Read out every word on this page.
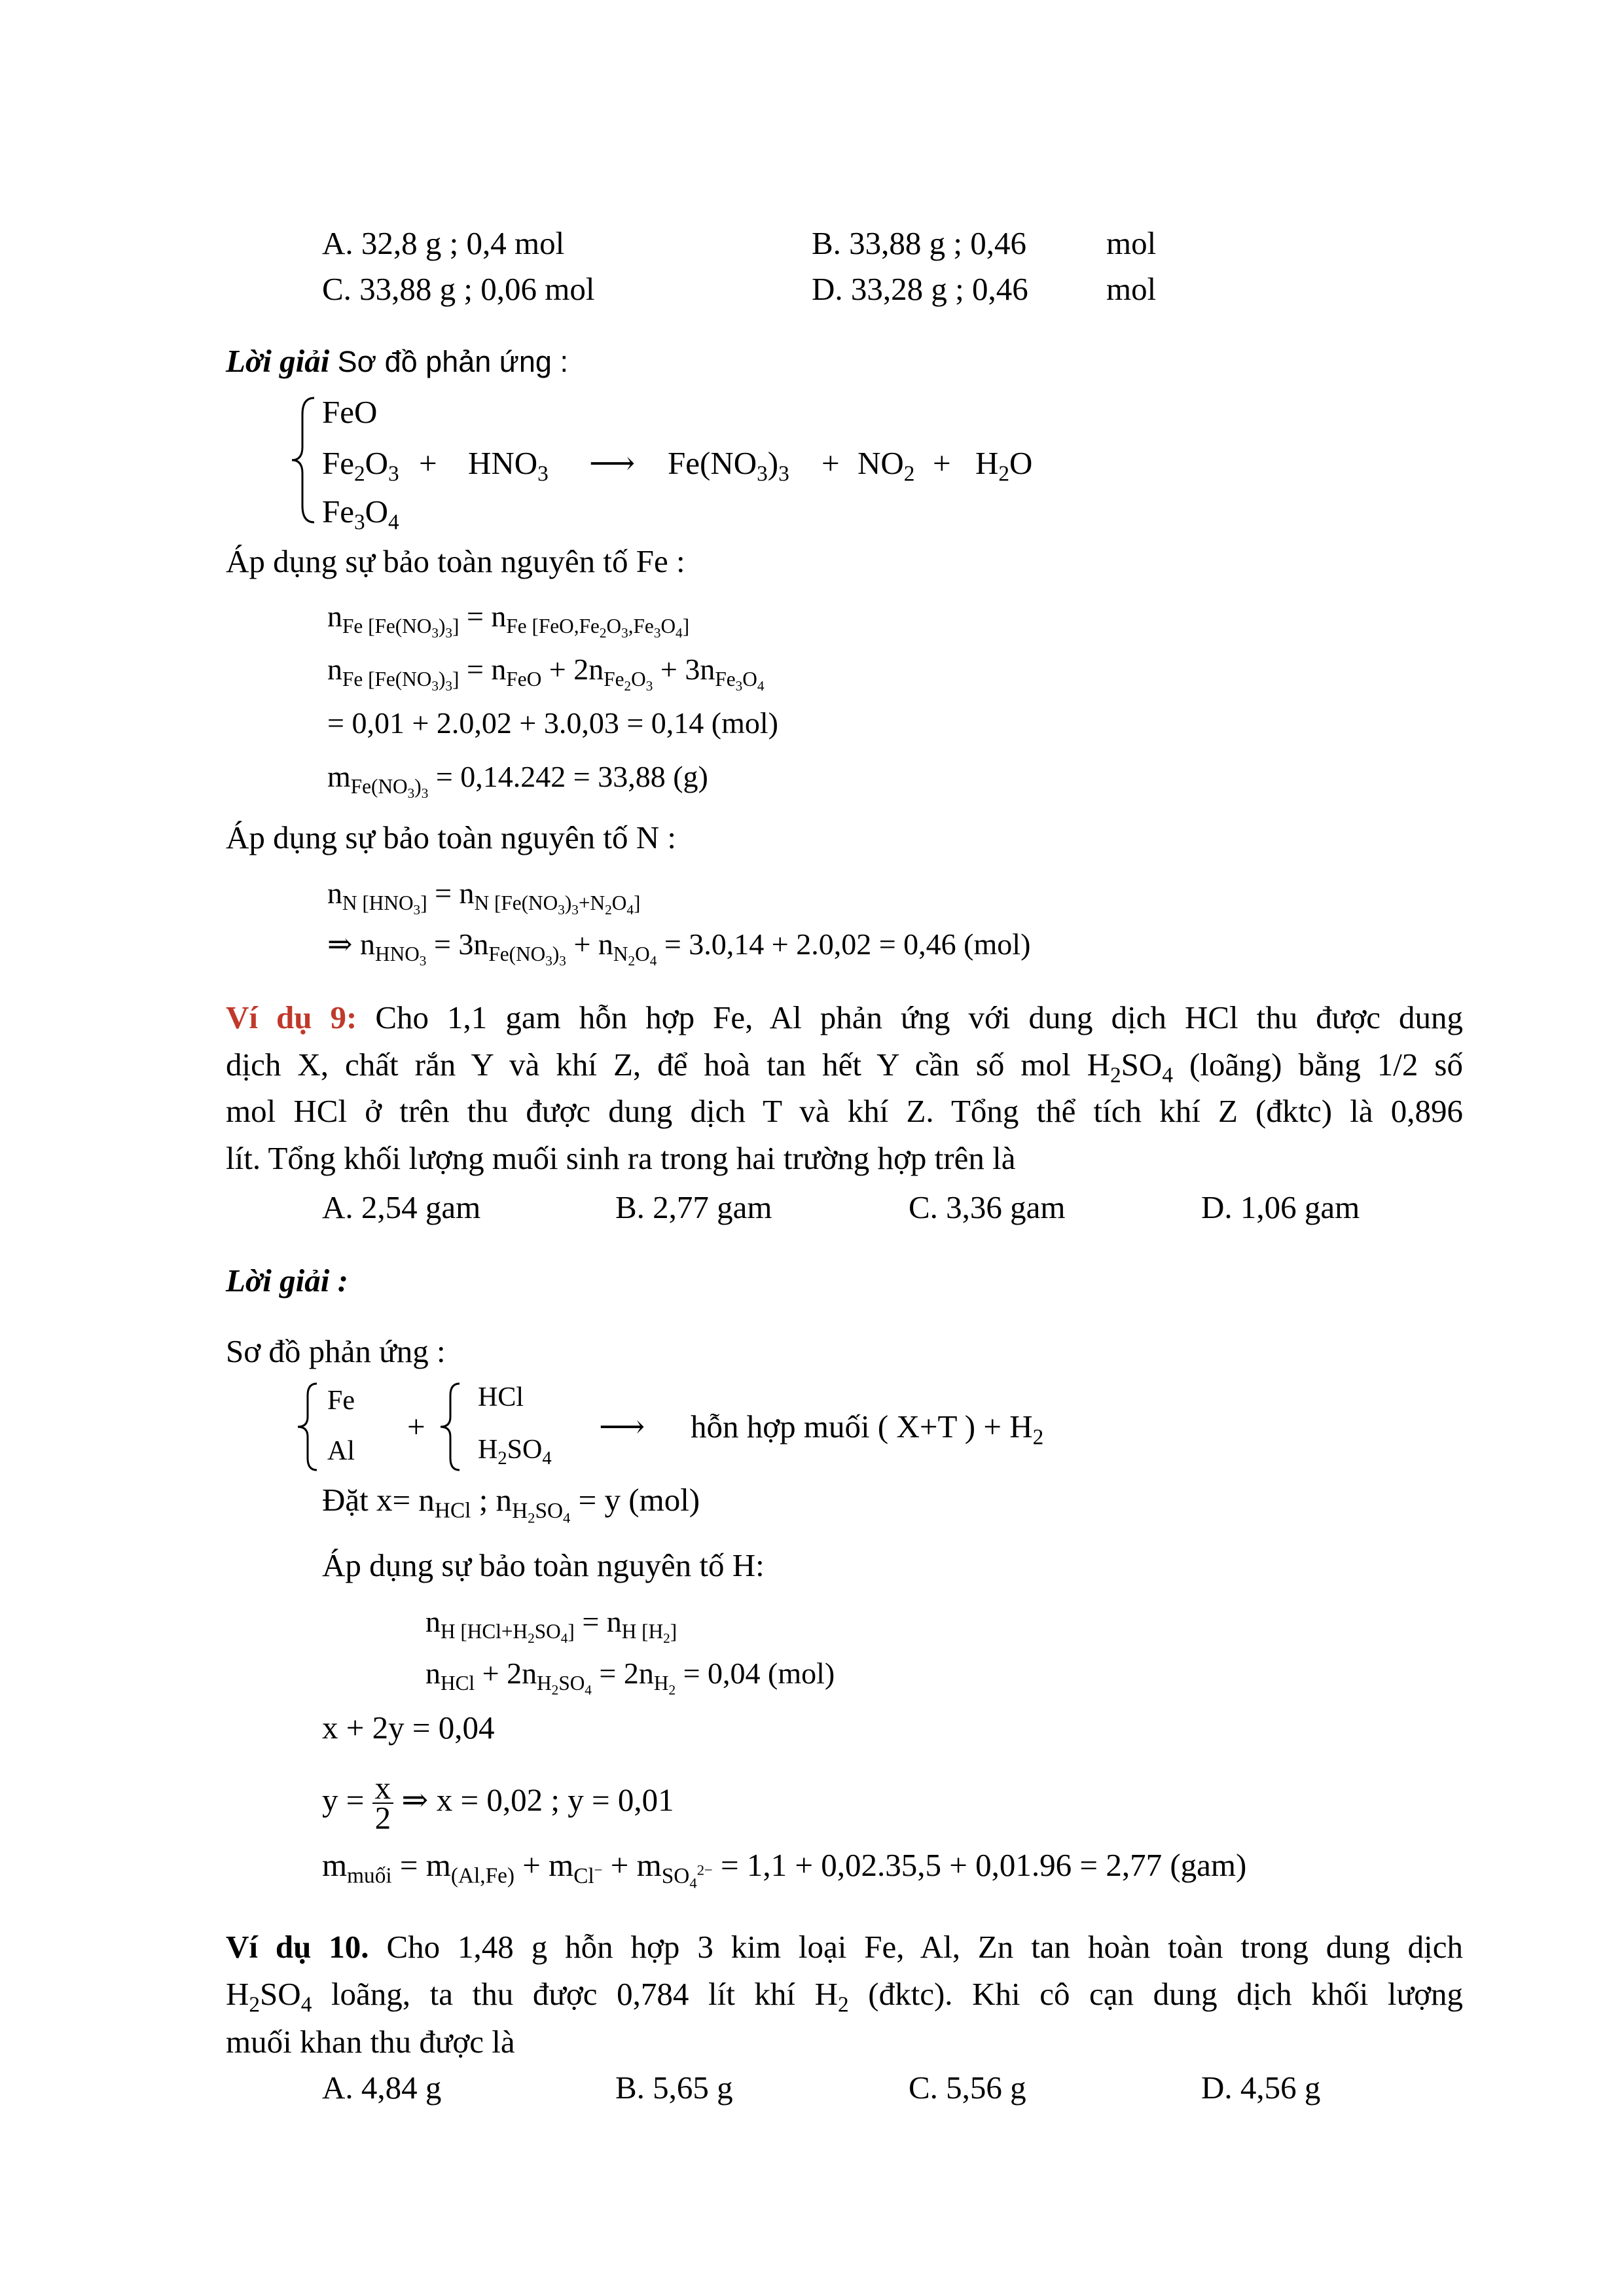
A. 32,8 g ; 0,4 mol	B. 33,88 g ; 0,46 mol
C. 33,88 g ; 0,06 mol	D. 33,28 g ; 0,46 mol
Lời giải Sơ đồ phản ứng :
FeO
$Fe_2O_3$
$Fe_3O_4$
+ $HNO_3$ ⟶ $Fe(NO_3)_3 + NO_2 + H_2O$
Áp dụng sự bảo toàn nguyên tố Fe :
$n_{Fe [Fe(NO_3)_3]} = n_{Fe [FeO,Fe_2O_3,Fe_3O_4]}$
$n_{Fe [Fe(NO_3)_3]} = n_{FeO} + 2n_{Fe_2O_3} + 3n_{Fe_3O_4}$
= 0,01 + 2.0,02 + 3.0,03 = 0,14 (mol)
$m_{Fe(NO_3)_3} = 0,14.242 = 33,88$ (g)
Áp dụng sự bảo toàn nguyên tố N :
$n_{N [HNO_3]} = n_{N [Fe(NO_3)_3+N_2O_4]}$
⇒ $n_{HNO_3} = 3n_{Fe(NO_3)_3} + n_{N_2O_4} = 3.0,14 + 2.0,02 = 0,46$ (mol)
Ví dụ 9: Cho 1,1 gam hỗn hợp Fe, Al phản ứng với dung dịch HCl thu được dung
dịch X, chất rắn Y và khí Z, để hoà tan hết Y cần số mol $H_2SO_4$ (loãng) bằng 1/2 số
mol HCl ở trên thu được dung dịch T và khí Z. Tổng thể tích khí Z (đktc) là 0,896
lít. Tổng khối lượng muối sinh ra trong hai trường hợp trên là
A. 2,54 gam	B. 2,77 gam	C. 3,36 gam	D. 1,06 gam
Lời giải :
Sơ đồ phản ứng :
Fe
Al
+
HCl
$H_2SO_4$
⟶ hỗn hợp muối ( X+T ) + $H_2$
Đặt $x= n_{HCl}$ ; $n_{H_2SO_4} = y$ (mol)
Áp dụng sự bảo toàn nguyên tố H:
$n_{H [HCl+H_2SO_4]} = n_{H [H_2]}$
$n_{HCl} + 2n_{H_2SO_4} = 2n_{H_2} = 0,04$ (mol)
x + 2y = 0,04
$y = \frac{x}{2}$ ⇒ x = 0,02 ; y = 0,01
$m_{muối} = m_{(Al,Fe)} + m_{Cl^-} + m_{SO_4^{2-}} = 1,1 + 0,02.35,5 + 0,01.96 = 2,77$ (gam)
Ví dụ 10. Cho 1,48 g hỗn hợp 3 kim loại Fe, Al, Zn tan hoàn toàn trong dung dịch
$H_2SO_4$ loãng, ta thu được 0,784 lít khí $H_2$ (đktc). Khi cô cạn dung dịch khối lượng
muối khan thu được là
A. 4,84 g	B. 5,65 g	C. 5,56 g	D. 4,56 g
